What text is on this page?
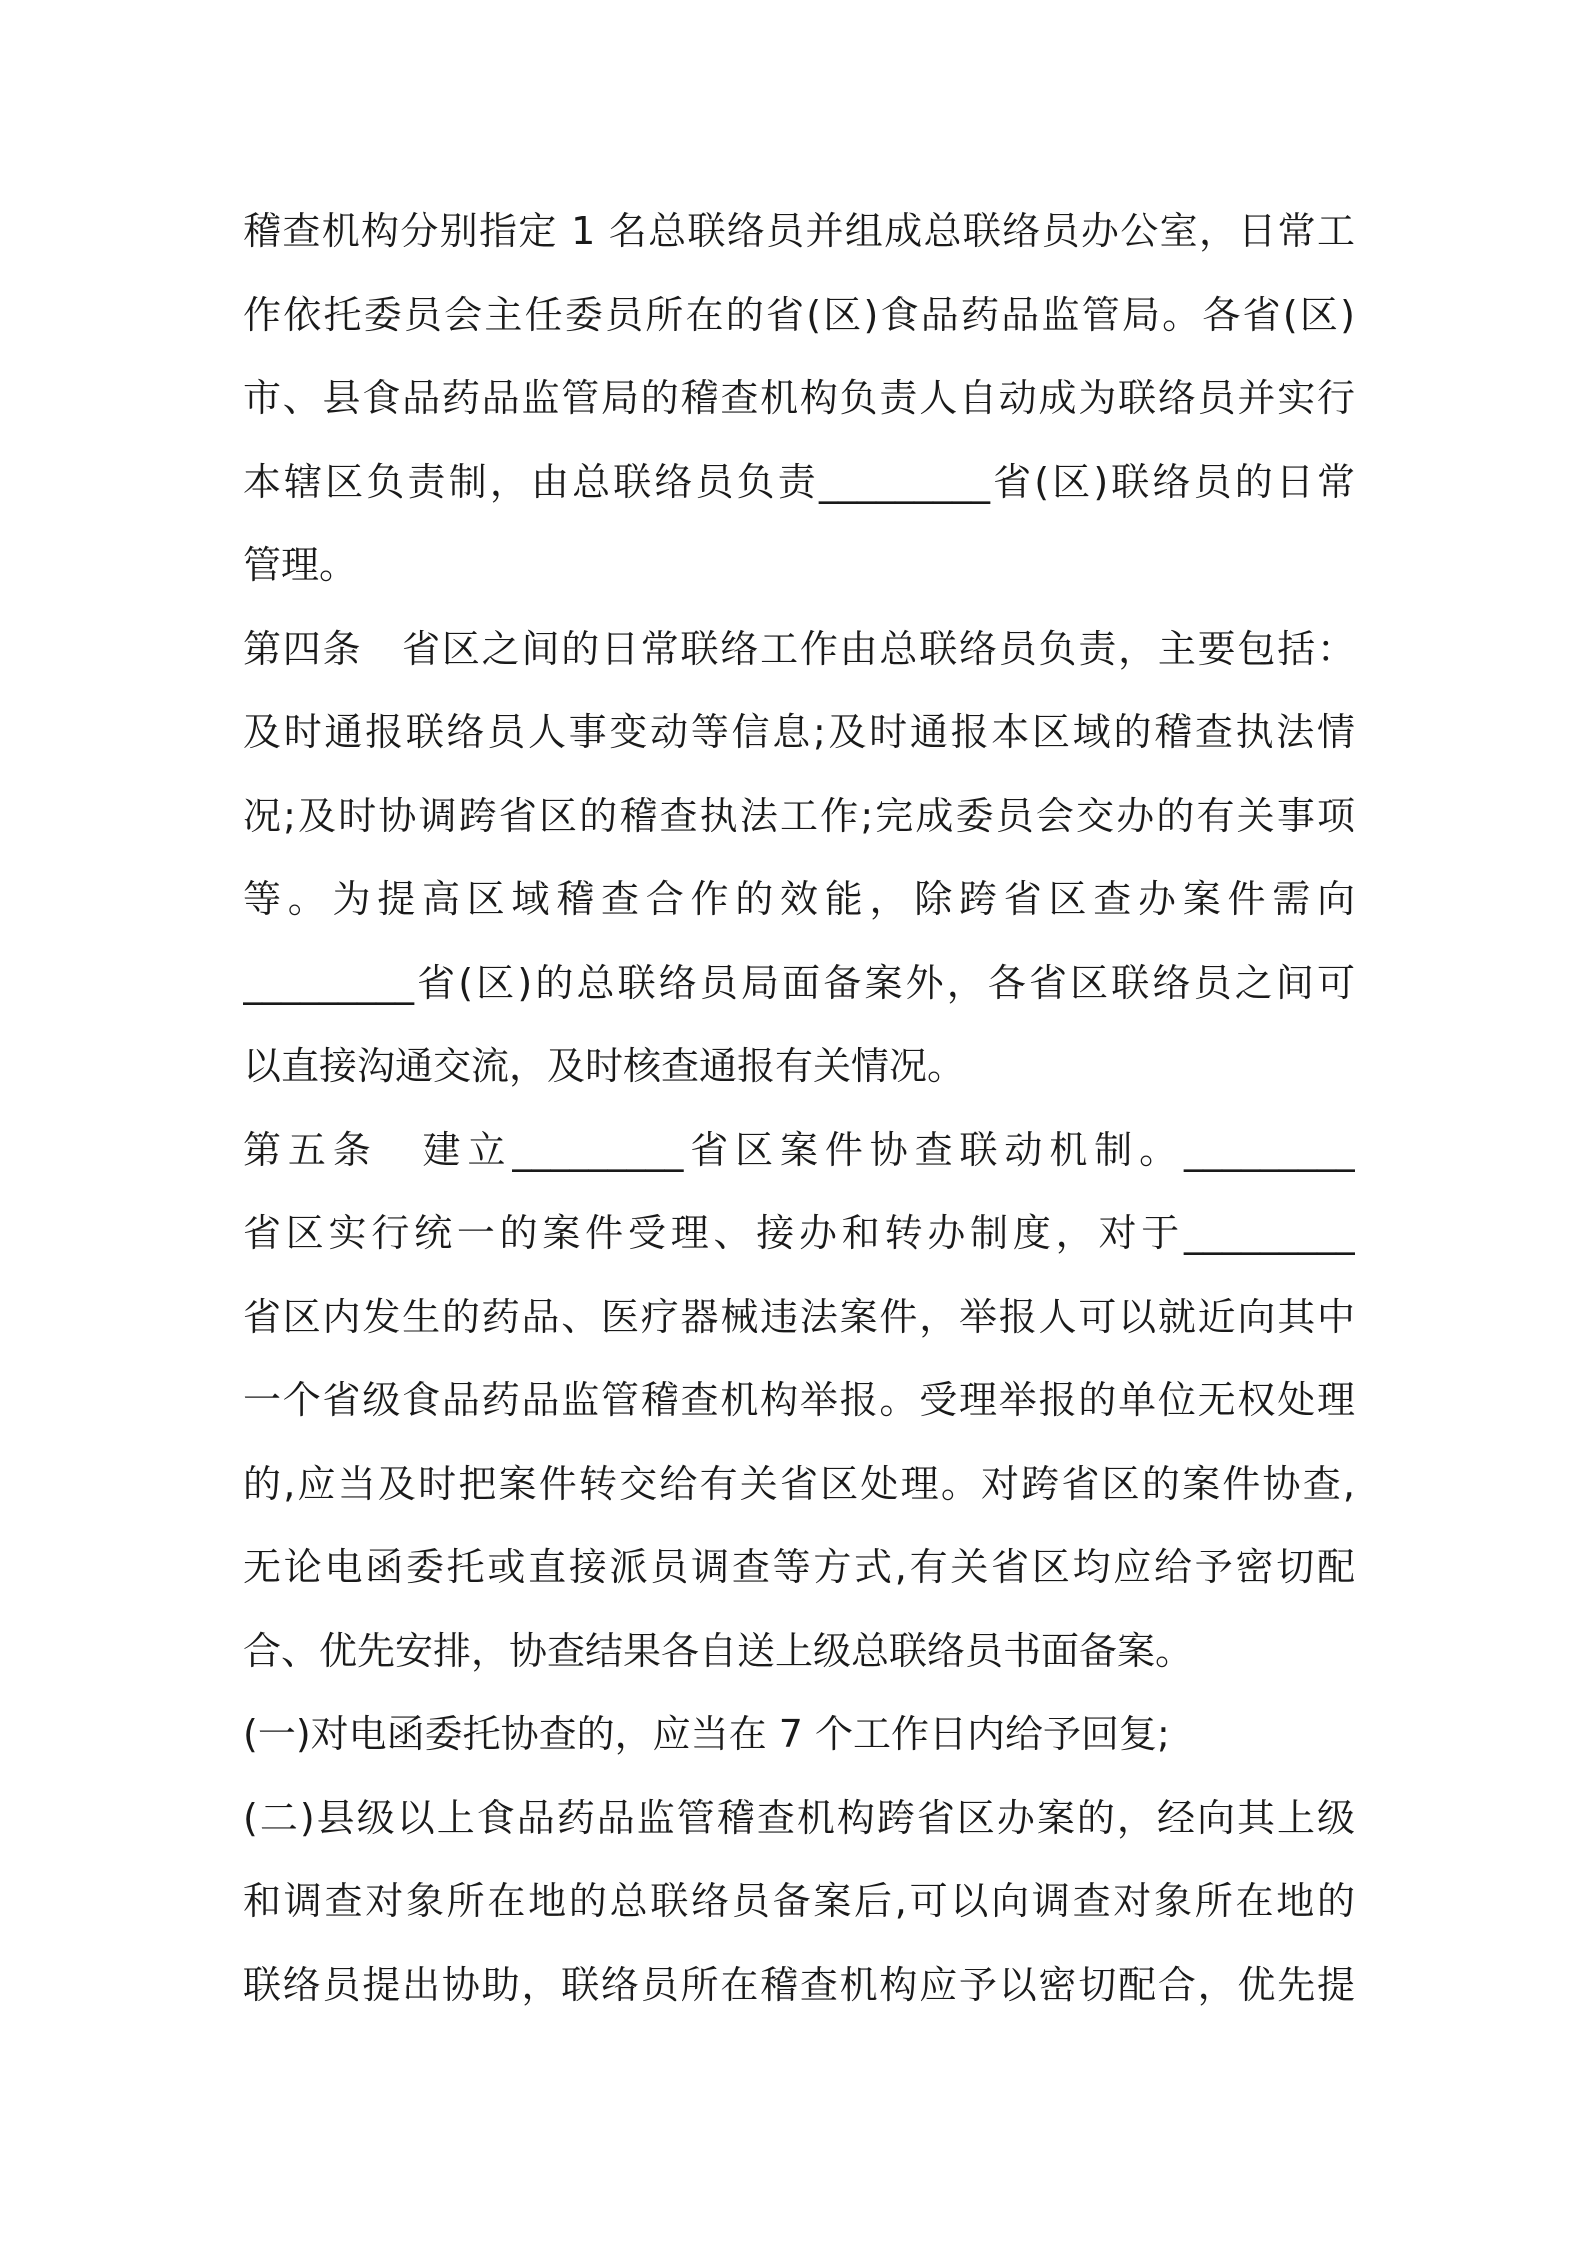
稽查机构分别指定 1 名总联络员并组成总联络员办公室，日常工
作依托委员会主任委员所在的省(区)食品药品监管局。各省(区)
市、县食品药品监管局的稽查机构负责人自动成为联络员并实行
本辖区负责制，由总联络员负责_________省(区)联络员的日常
管理。
第四条　省区之间的日常联络工作由总联络员负责，主要包括：
及时通报联络员人事变动等信息;及时通报本区域的稽查执法情
况;及时协调跨省区的稽查执法工作;完成委员会交办的有关事项
等。为提高区域稽查合作的效能，除跨省区查办案件需向
_________省(区)的总联络员局面备案外，各省区联络员之间可
以直接沟通交流，及时核查通报有关情况。
第五条　建立_________省区案件协查联动机制。_________
省区实行统一的案件受理、接办和转办制度，对于_________
省区内发生的药品、医疗器械违法案件，举报人可以就近向其中
一个省级食品药品监管稽查机构举报。受理举报的单位无权处理
的,应当及时把案件转交给有关省区处理。对跨省区的案件协查,
无论电函委托或直接派员调查等方式,有关省区均应给予密切配
合、优先安排，协查结果各自送上级总联络员书面备案。
(一)对电函委托协查的，应当在 7 个工作日内给予回复;
(二)县级以上食品药品监管稽查机构跨省区办案的，经向其上级
和调查对象所在地的总联络员备案后,可以向调查对象所在地的
联络员提出协助，联络员所在稽查机构应予以密切配合，优先提
